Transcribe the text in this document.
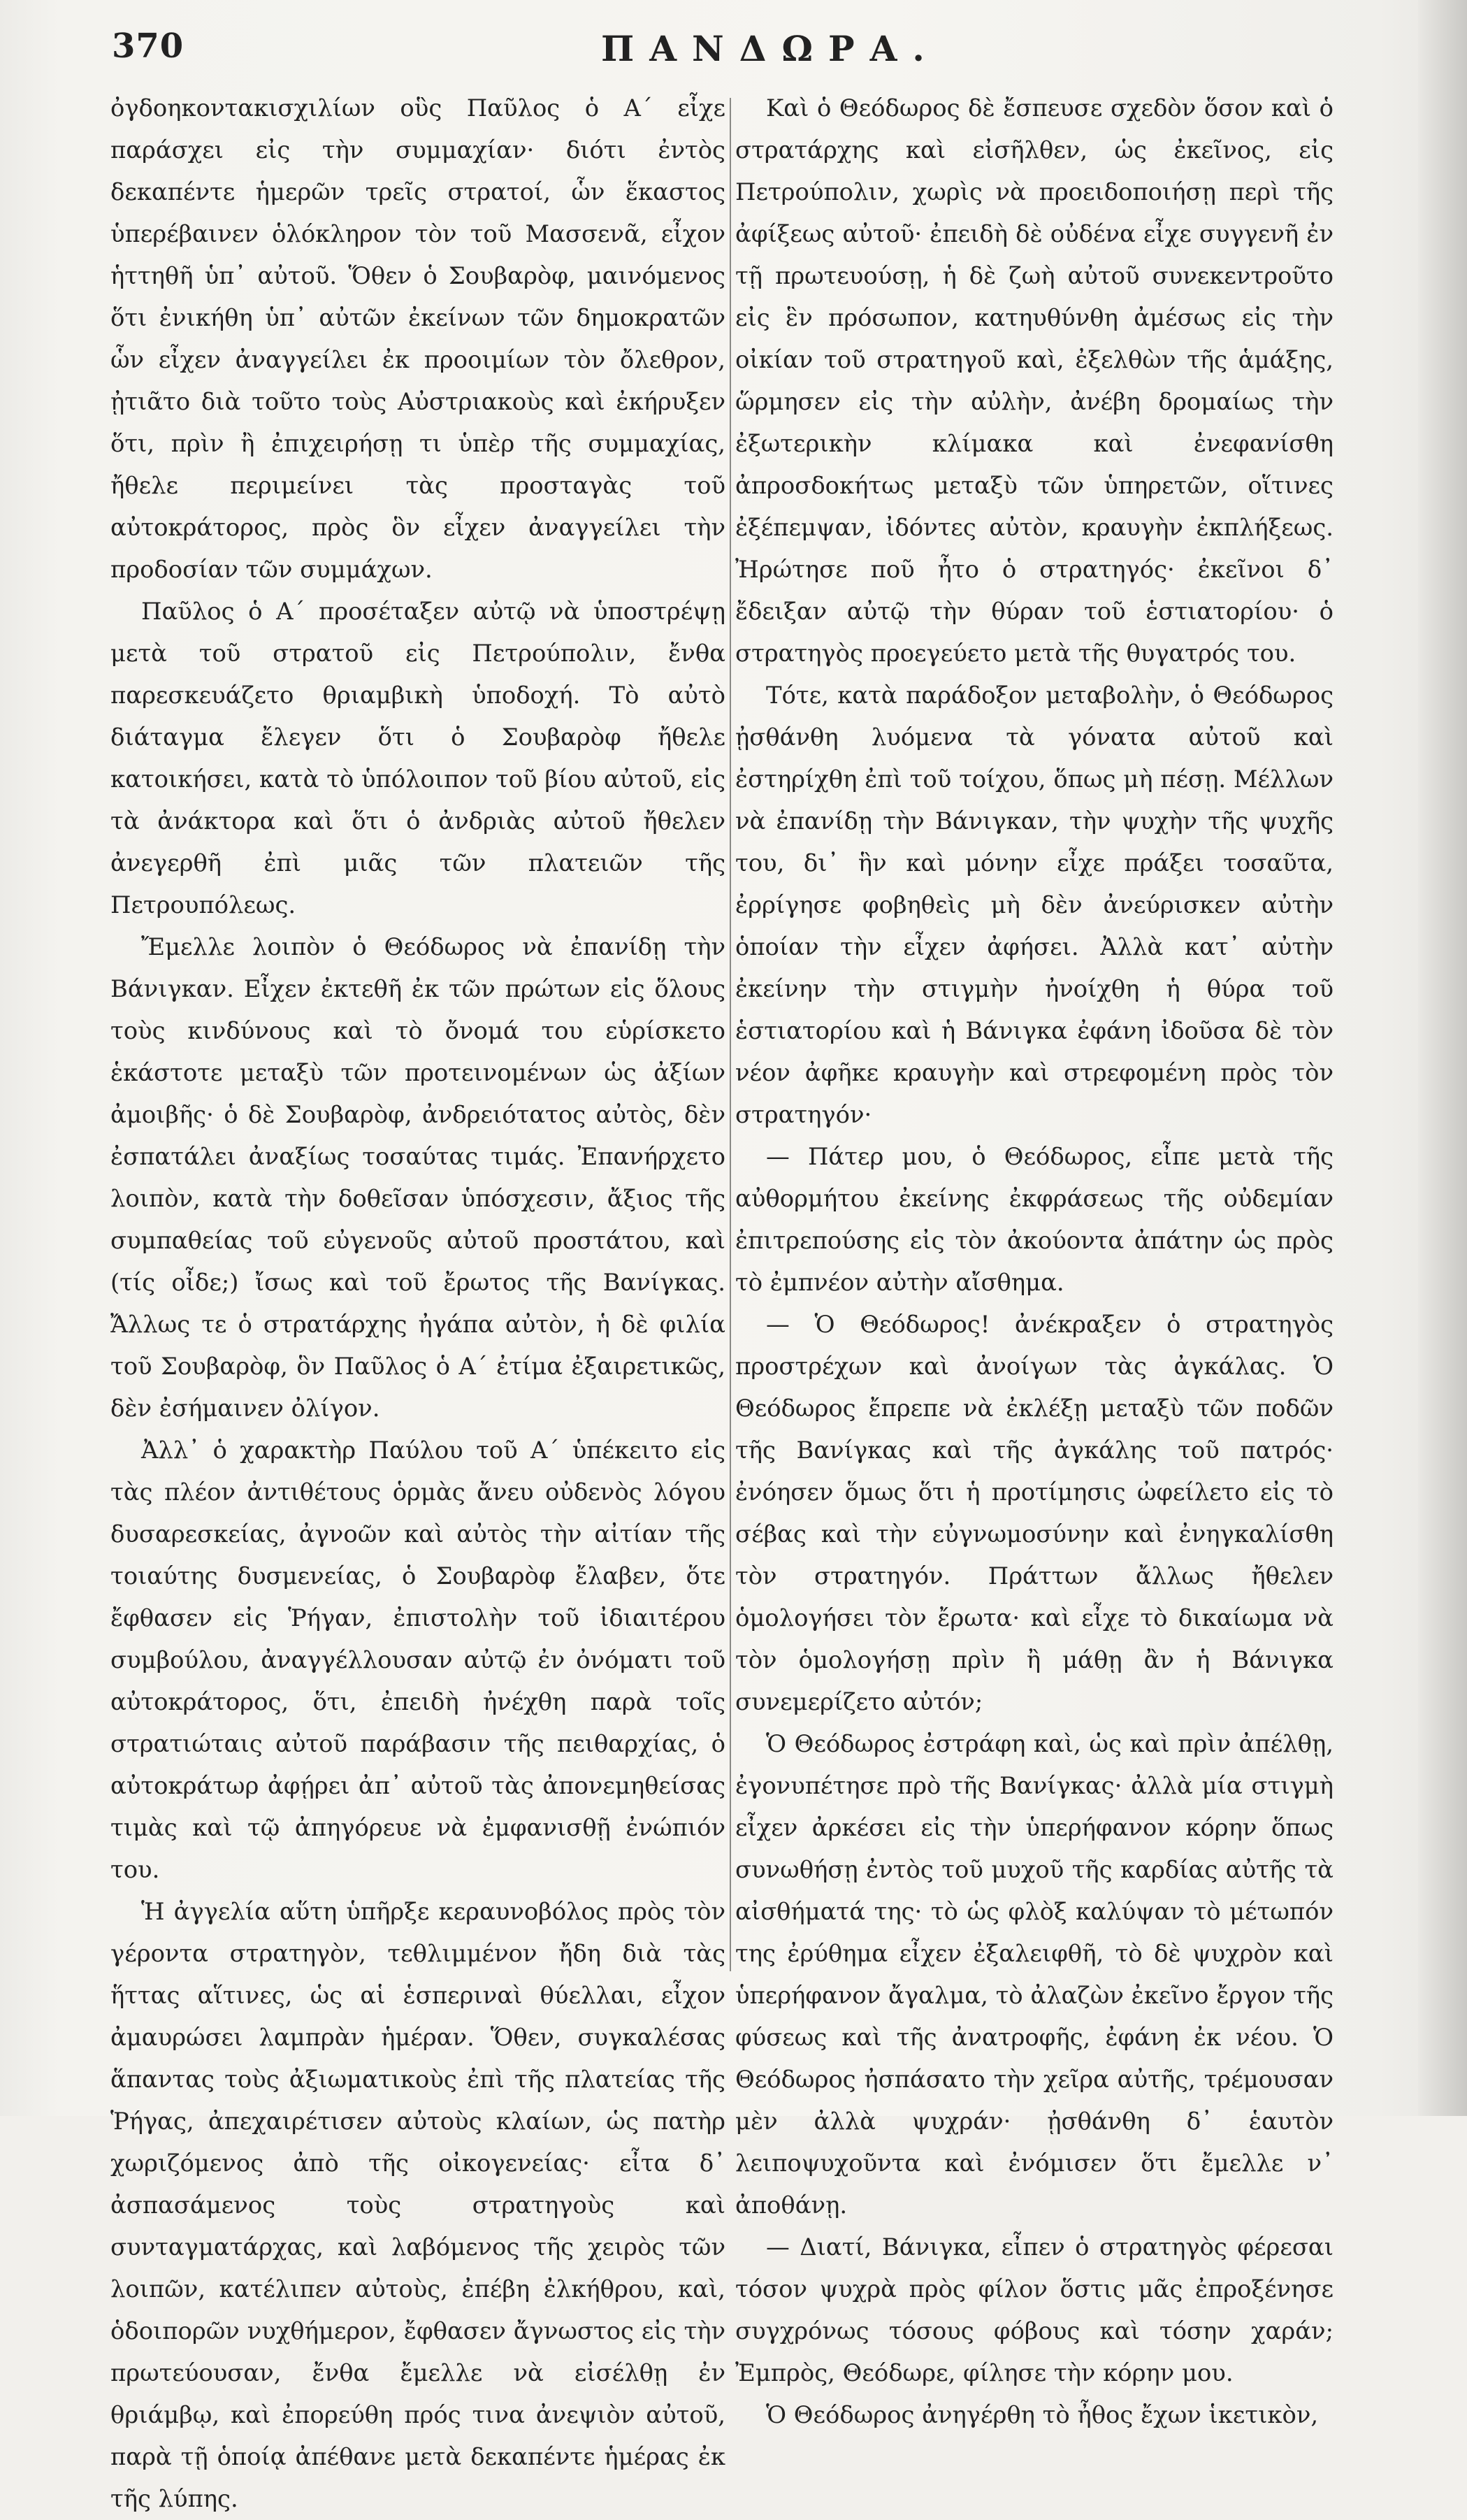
370	ΠΑΝΔΩΡΑ.

ὀγδοηκοντακισχιλίων οὓς Παῦλος ὁ Α´ εἶχε παράσχει εἰς τὴν συμμαχίαν· διότι ἐντὸς δεκαπέντε ἡμερῶν τρεῖς στρατοί, ὧν ἕκαστος ὑπερέβαινεν ὁλόκληρον τὸν τοῦ Μασσενᾶ, εἶχον ἡττηθῆ ὑπ᾽ αὐτοῦ. Ὅθεν ὁ Σουβαρὸφ, μαινόμενος ὅτι ἐνικήθη ὑπ᾽ αὐτῶν ἐκείνων τῶν δημοκρατῶν ὧν εἶχεν ἀναγγείλει ἐκ προοιμίων τὸν ὄλεθρον, ᾐτιᾶτο διὰ τοῦτο τοὺς Αὐστριακοὺς καὶ ἐκήρυξεν ὅτι, πρὶν ἢ ἐπιχειρήσῃ τι ὑπὲρ τῆς συμμαχίας, ἤθελε περιμείνει τὰς προσταγὰς τοῦ αὐτοκράτορος, πρὸς ὃν εἶχεν ἀναγγείλει τὴν προδοσίαν τῶν συμμάχων.

Παῦλος ὁ Α´ προσέταξεν αὐτῷ νὰ ὑποστρέψῃ μετὰ τοῦ στρατοῦ εἰς Πετρούπολιν, ἔνθα παρεσκευάζετο θριαμβικὴ ὑποδοχή. Τὸ αὐτὸ διάταγμα ἔλεγεν ὅτι ὁ Σουβαρὸφ ἤθελε κατοικήσει, κατὰ τὸ ὑπόλοιπον τοῦ βίου αὐτοῦ, εἰς τὰ ἀνάκτορα καὶ ὅτι ὁ ἀνδριὰς αὐτοῦ ἤθελεν ἀνεγερθῆ ἐπὶ μιᾶς τῶν πλατειῶν τῆς Πετρουπόλεως.

Ἔμελλε λοιπὸν ὁ Θεόδωρος νὰ ἐπανίδῃ τὴν Βάνιγκαν. Εἶχεν ἐκτεθῆ ἐκ τῶν πρώτων εἰς ὅλους τοὺς κινδύνους καὶ τὸ ὄνομά του εὑρίσκετο ἑκάστοτε μεταξὺ τῶν προτεινομένων ὡς ἀξίων ἀμοιβῆς· ὁ δὲ Σουβαρὸφ, ἀνδρειότατος αὐτὸς, δὲν ἐσπατάλει ἀναξίως τοσαύτας τιμάς. Ἐπανήρχετο λοιπὸν, κατὰ τὴν δοθεῖσαν ὑπόσχεσιν, ἄξιος τῆς συμπαθείας τοῦ εὐγενοῦς αὐτοῦ προστάτου, καὶ (τίς οἶδε;) ἴσως καὶ τοῦ ἔρωτος τῆς Βανίγκας. Ἄλλως τε ὁ στρατάρχης ἠγάπα αὐτὸν, ἡ δὲ φιλία τοῦ Σουβαρὸφ, ὃν Παῦλος ὁ Α´ ἐτίμα ἐξαιρετικῶς, δὲν ἐσήμαινεν ὀλίγον.

Ἀλλ᾽ ὁ χαρακτὴρ Παύλου τοῦ Α´ ὑπέκειτο εἰς τὰς πλέον ἀντιθέτους ὁρμὰς ἄνευ οὐδενὸς λόγου δυσαρεσκείας, ἀγνοῶν καὶ αὐτὸς τὴν αἰτίαν τῆς τοιαύτης δυσμενείας, ὁ Σουβαρὸφ ἔλαβεν, ὅτε ἔφθασεν εἰς Ῥήγαν, ἐπιστολὴν τοῦ ἰδιαιτέρου συμβούλου, ἀναγγέλλουσαν αὐτῷ ἐν ὀνόματι τοῦ αὐτοκράτορος, ὅτι, ἐπειδὴ ἠνέχθη παρὰ τοῖς στρατιώταις αὐτοῦ παράβασιν τῆς πειθαρχίας, ὁ αὐτοκράτωρ ἀφῄρει ἀπ᾽ αὐτοῦ τὰς ἀπονεμηθείσας τιμὰς καὶ τῷ ἀπηγόρευε νὰ ἐμφανισθῇ ἐνώπιόν του.

Ἡ ἀγγελία αὕτη ὑπῆρξε κεραυνοβόλος πρὸς τὸν γέροντα στρατηγὸν, τεθλιμμένον ἤδη διὰ τὰς ἥττας αἵτινες, ὡς αἱ ἑσπεριναὶ θύελλαι, εἶχον ἀμαυρώσει λαμπρὰν ἡμέραν. Ὅθεν, συγκαλέσας ἅπαντας τοὺς ἀξιωματικοὺς ἐπὶ τῆς πλατείας τῆς Ῥήγας, ἀπεχαιρέτισεν αὐτοὺς κλαίων, ὡς πατὴρ χωριζόμενος ἀπὸ τῆς οἰκογενείας· εἶτα δ᾽ ἀσπασάμενος τοὺς στρατηγοὺς καὶ συνταγματάρχας, καὶ λαβόμενος τῆς χειρὸς τῶν λοιπῶν, κατέλιπεν αὐτοὺς, ἐπέβη ἐλκήθρου, καὶ, ὁδοιπορῶν νυχθήμερον, ἔφθασεν ἄγνωστος εἰς τὴν πρωτεύουσαν, ἔνθα ἔμελλε νὰ εἰσέλθῃ ἐν θριάμβῳ, καὶ ἐπορεύθη πρός τινα ἀνεψιὸν αὐτοῦ, παρὰ τῇ ὁποίᾳ ἀπέθανε μετὰ δεκαπέντε ἡμέρας ἐκ τῆς λύπης.

Καὶ ὁ Θεόδωρος δὲ ἔσπευσε σχεδὸν ὅσον καὶ ὁ στρατάρχης καὶ εἰσῆλθεν, ὡς ἐκεῖνος, εἰς Πετρούπολιν, χωρὶς νὰ προειδοποιήσῃ περὶ τῆς ἀφίξεως αὐτοῦ· ἐπειδὴ δὲ οὐδένα εἶχε συγγενῆ ἐν τῇ πρωτευούσῃ, ἡ δὲ ζωὴ αὐτοῦ συνεκεντροῦτο εἰς ἓν πρόσωπον, κατηυθύνθη ἀμέσως εἰς τὴν οἰκίαν τοῦ στρατηγοῦ καὶ, ἐξελθὼν τῆς ἁμάξης, ὥρμησεν εἰς τὴν αὐλὴν, ἀνέβη δρομαίως τὴν ἐξωτερικὴν κλίμακα καὶ ἐνεφανίσθη ἀπροσδοκήτως μεταξὺ τῶν ὑπηρετῶν, οἵτινες ἐξέπεμψαν, ἰδόντες αὐτὸν, κραυγὴν ἐκπλήξεως. Ἠρώτησε ποῦ ἦτο ὁ στρατηγός· ἐκεῖνοι δ᾽ ἔδειξαν αὐτῷ τὴν θύραν τοῦ ἑστιατορίου· ὁ στρατηγὸς προεγεύετο μετὰ τῆς θυγατρός του.

Τότε, κατὰ παράδοξον μεταβολὴν, ὁ Θεόδωρος ᾐσθάνθη λυόμενα τὰ γόνατα αὐτοῦ καὶ ἐστηρίχθη ἐπὶ τοῦ τοίχου, ὅπως μὴ πέσῃ. Μέλλων νὰ ἐπανίδῃ τὴν Βάνιγκαν, τὴν ψυχὴν τῆς ψυχῆς του, δι᾽ ἣν καὶ μόνην εἶχε πράξει τοσαῦτα, ἐρρίγησε φοβηθεὶς μὴ δὲν ἀνεύρισκεν αὐτὴν ὁποίαν τὴν εἶχεν ἀφήσει. Ἀλλὰ κατ᾽ αὐτὴν ἐκείνην τὴν στιγμὴν ἠνοίχθη ἡ θύρα τοῦ ἑστιατορίου καὶ ἡ Βάνιγκα ἐφάνη ἰδοῦσα δὲ τὸν νέον ἀφῆκε κραυγὴν καὶ στρεφομένη πρὸς τὸν στρατηγόν·

— Πάτερ μου, ὁ Θεόδωρος, εἶπε μετὰ τῆς αὐθορμήτου ἐκείνης ἐκφράσεως τῆς οὐδεμίαν ἐπιτρεπούσης εἰς τὸν ἀκούοντα ἀπάτην ὡς πρὸς τὸ ἐμπνέον αὐτὴν αἴσθημα.

— Ὁ Θεόδωρος! ἀνέκραξεν ὁ στρατηγὸς προστρέχων καὶ ἀνοίγων τὰς ἀγκάλας. Ὁ Θεόδωρος ἔπρεπε νὰ ἐκλέξῃ μεταξὺ τῶν ποδῶν τῆς Βανίγκας καὶ τῆς ἀγκάλης τοῦ πατρός· ἐνόησεν ὅμως ὅτι ἡ προτίμησις ὠφείλετο εἰς τὸ σέβας καὶ τὴν εὐγνωμοσύνην καὶ ἐνηγκαλίσθη τὸν στρατηγόν. Πράττων ἄλλως ἤθελεν ὁμολογήσει τὸν ἔρωτα· καὶ εἶχε τὸ δικαίωμα νὰ τὸν ὁμολογήσῃ πρὶν ἢ μάθῃ ἂν ἡ Βάνιγκα συνεμερίζετο αὐτόν;

Ὁ Θεόδωρος ἐστράφη καὶ, ὡς καὶ πρὶν ἀπέλθῃ, ἐγονυπέτησε πρὸ τῆς Βανίγκας· ἀλλὰ μία στιγμὴ εἶχεν ἀρκέσει εἰς τὴν ὑπερήφανον κόρην ὅπως συνωθήσῃ ἐντὸς τοῦ μυχοῦ τῆς καρδίας αὐτῆς τὰ αἰσθήματά της· τὸ ὡς φλὸξ καλύψαν τὸ μέτωπόν της ἐρύθημα εἶχεν ἐξαλειφθῆ, τὸ δὲ ψυχρὸν καὶ ὑπερήφανον ἄγαλμα, τὸ ἀλαζὼν ἐκεῖνο ἔργον τῆς φύσεως καὶ τῆς ἀνατροφῆς, ἐφάνη ἐκ νέου. Ὁ Θεόδωρος ἠσπάσατο τὴν χεῖρα αὐτῆς, τρέμουσαν μὲν ἀλλὰ ψυχράν· ᾐσθάνθη δ᾽ ἑαυτὸν λειποψυχοῦντα καὶ ἐνόμισεν ὅτι ἔμελλε ν᾽ ἀποθάνῃ.

— Διατί, Βάνιγκα, εἶπεν ὁ στρατηγὸς φέρεσαι τόσον ψυχρὰ πρὸς φίλον ὅστις μᾶς ἐπροξένησε συγχρόνως τόσους φόβους καὶ τόσην χαράν; Ἐμπρὸς, Θεόδωρε, φίλησε τὴν κόρην μου.

Ὁ Θεόδωρος ἀνηγέρθη τὸ ἦθος ἔχων ἱκετικὸν,
